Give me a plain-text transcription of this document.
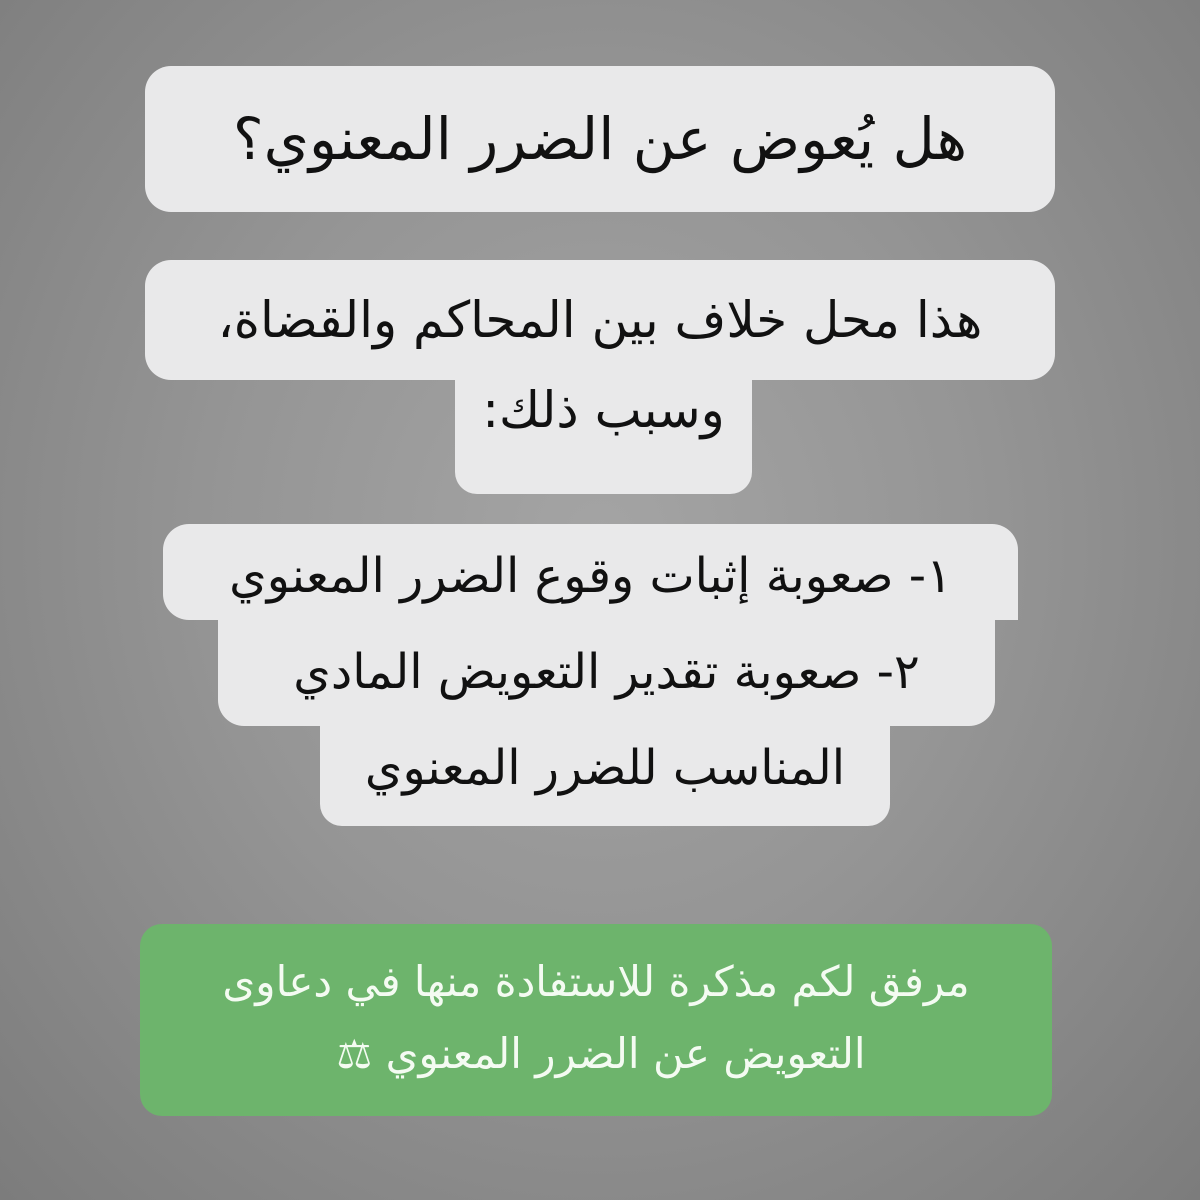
هل يُعوض عن الضرر المعنوي؟
هذا محل خلاف بين المحاكم والقضاة،
وسبب ذلك:
١- صعوبة إثبات وقوع الضرر المعنوي
٢- صعوبة تقدير التعويض المادي
المناسب للضرر المعنوي
مرفق لكم مذكرة للاستفادة منها في دعاوى
التعويض عن الضرر المعنوي ⚖
